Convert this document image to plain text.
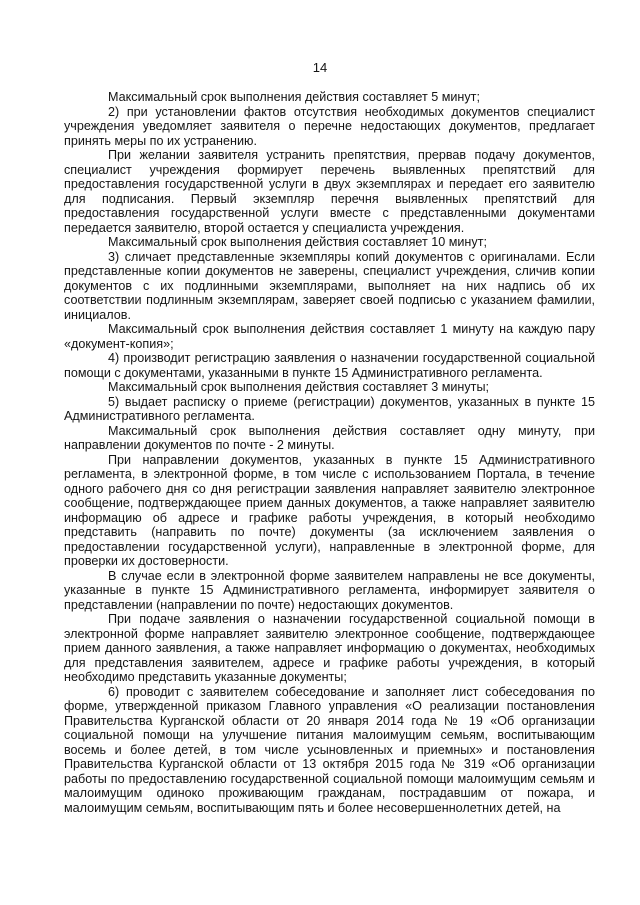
14

Максимальный срок выполнения действия составляет 5 минут;

2) при установлении фактов отсутствия необходимых документов специалист учреждения уведомляет заявителя о перечне недостающих документов, предлагает принять меры по их устранению.

При желании заявителя устранить препятствия, прервав подачу документов, специалист учреждения формирует перечень выявленных препятствий для предоставления государственной услуги в двух экземплярах и передает его заявителю для подписания. Первый экземпляр перечня выявленных препятствий для предоставления государственной услуги вместе с представленными документами передается заявителю, второй остается у специалиста учреждения.

Максимальный срок выполнения действия составляет 10 минут;

3) сличает представленные экземпляры копий документов с оригиналами. Если представленные копии документов не заверены, специалист учреждения, сличив копии документов с их подлинными экземплярами, выполняет на них надпись об их соответствии подлинным экземплярам, заверяет своей подписью с указанием фамилии, инициалов.

Максимальный срок выполнения действия составляет 1 минуту на каждую пару «документ-копия»;

4) производит регистрацию заявления о назначении государственной социальной помощи с документами, указанными в пункте 15 Административного регламента.

Максимальный срок выполнения действия составляет 3 минуты;

5) выдает расписку о приеме (регистрации) документов, указанных в пункте 15 Административного регламента.

Максимальный срок выполнения действия составляет одну минуту, при направлении документов по почте - 2 минуты.

При направлении документов, указанных в пункте 15 Административного регламента, в электронной форме, в том числе с использованием Портала, в течение одного рабочего дня со дня регистрации заявления направляет заявителю электронное сообщение, подтверждающее прием данных документов, а также направляет заявителю информацию об адресе и графике работы учреждения, в который необходимо представить (направить по почте) документы (за исключением заявления о предоставлении государственной услуги), направленные в электронной форме, для проверки их достоверности.

В случае если в электронной форме заявителем направлены не все документы, указанные в пункте 15 Административного регламента, информирует заявителя о представлении (направлении по почте) недостающих документов.

При подаче заявления о назначении государственной социальной помощи в электронной форме направляет заявителю электронное сообщение, подтверждающее прием данного заявления, а также направляет информацию о документах, необходимых для представления заявителем, адресе и графике работы учреждения, в который необходимо представить указанные документы;

6) проводит с заявителем собеседование и заполняет лист собеседования по форме, утвержденной приказом Главного управления «О реализации постановления Правительства Курганской области от 20 января 2014 года № 19 «Об организации социальной помощи на улучшение питания малоимущим семьям, воспитывающим восемь и более детей, в том числе усыновленных и приемных» и постановления Правительства Курганской области от 13 октября 2015 года № 319 «Об организации работы по предоставлению государственной социальной помощи малоимущим семьям и малоимущим одиноко проживающим гражданам, пострадавшим от пожара, и малоимущим семьям, воспитывающим пять и более несовершеннолетних детей, на
